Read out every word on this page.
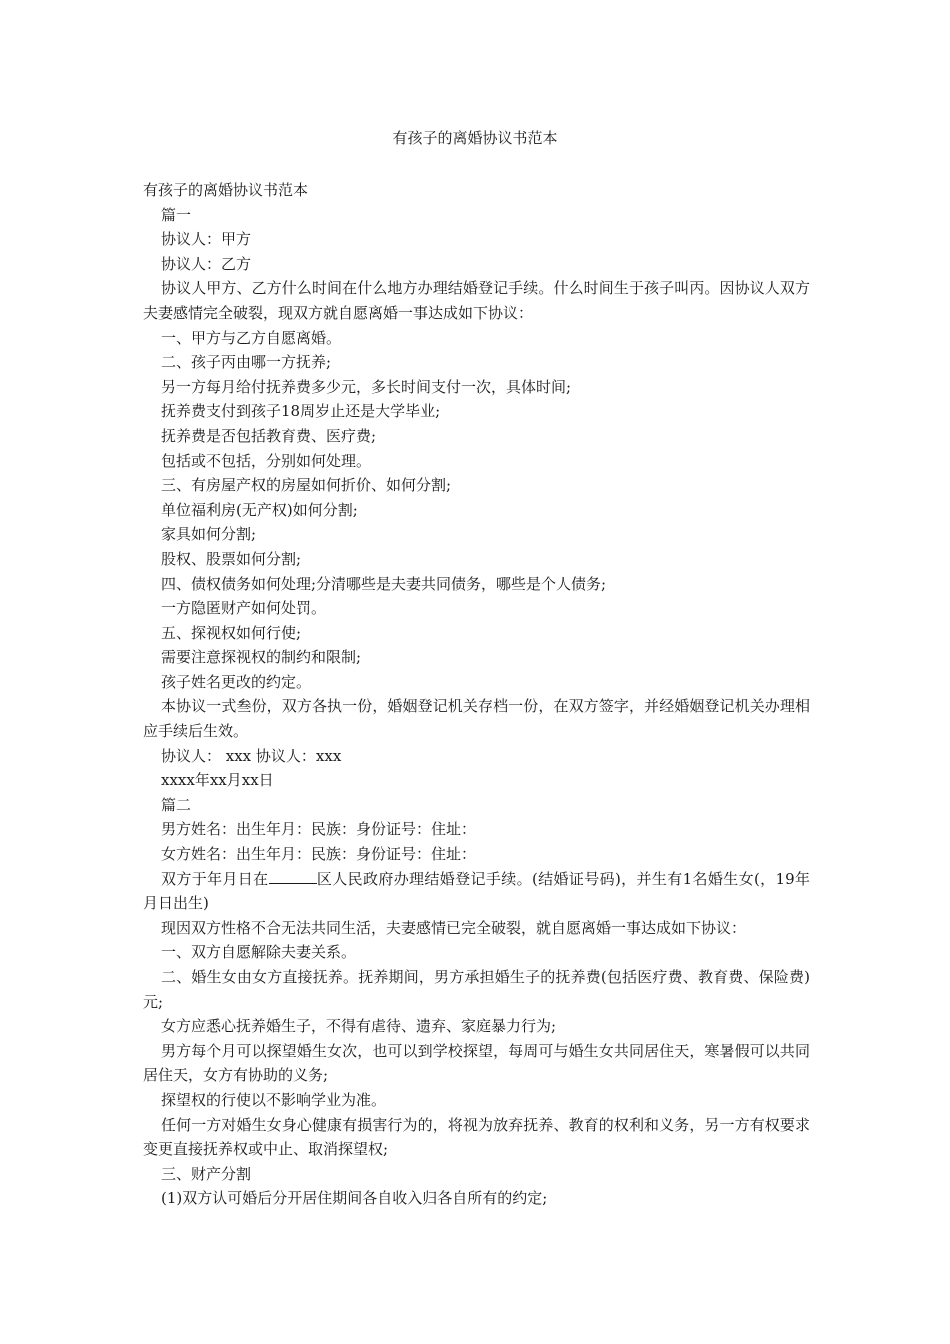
有孩子的离婚协议书范本
有孩子的离婚协议书范本
篇一
协议人：甲方
协议人：乙方
协议人甲方、乙方什么时间在什么地方办理结婚登记手续。什么时间生于孩子叫丙。因协议人双方夫妻感情完全破裂，现双方就自愿离婚一事达成如下协议：
一、甲方与乙方自愿离婚。
二、孩子丙由哪一方抚养;
另一方每月给付抚养费多少元，多长时间支付一次，具体时间;
抚养费支付到孩子18周岁止还是大学毕业;
抚养费是否包括教育费、医疗费;
包括或不包括，分别如何处理。
三、有房屋产权的房屋如何折价、如何分割;
单位福利房(无产权)如何分割;
家具如何分割;
股权、股票如何分割;
四、债权债务如何处理;分清哪些是夫妻共同债务，哪些是个人债务;
一方隐匿财产如何处罚。
五、探视权如何行使;
需要注意探视权的制约和限制;
孩子姓名更改的约定。
本协议一式叁份，双方各执一份，婚姻登记机关存档一份，在双方签字，并经婚姻登记机关办理相应手续后生效。
协议人： xxx 协议人：xxx
xxxx年xx月xx日
篇二
男方姓名：出生年月：民族：身份证号：住址：
女方姓名：出生年月：民族：身份证号：住址：
双方于年月日在	区人民政府办理结婚登记手续。(结婚证号码)，并生有1名婚生女(，19年月日出生)
现因双方性格不合无法共同生活，夫妻感情已完全破裂，就自愿离婚一事达成如下协议：
一、双方自愿解除夫妻关系。
二、婚生女由女方直接抚养。抚养期间，男方承担婚生子的抚养费(包括医疗费、教育费、保险费)元;
女方应悉心抚养婚生子，不得有虐待、遗弃、家庭暴力行为;
男方每个月可以探望婚生女次，也可以到学校探望，每周可与婚生女共同居住天，寒暑假可以共同居住天，女方有协助的义务;
探望权的行使以不影响学业为准。
任何一方对婚生女身心健康有损害行为的，将视为放弃抚养、教育的权利和义务，另一方有权要求变更直接抚养权或中止、取消探望权;
三、财产分割
(1)双方认可婚后分开居住期间各自收入归各自所有的约定;
